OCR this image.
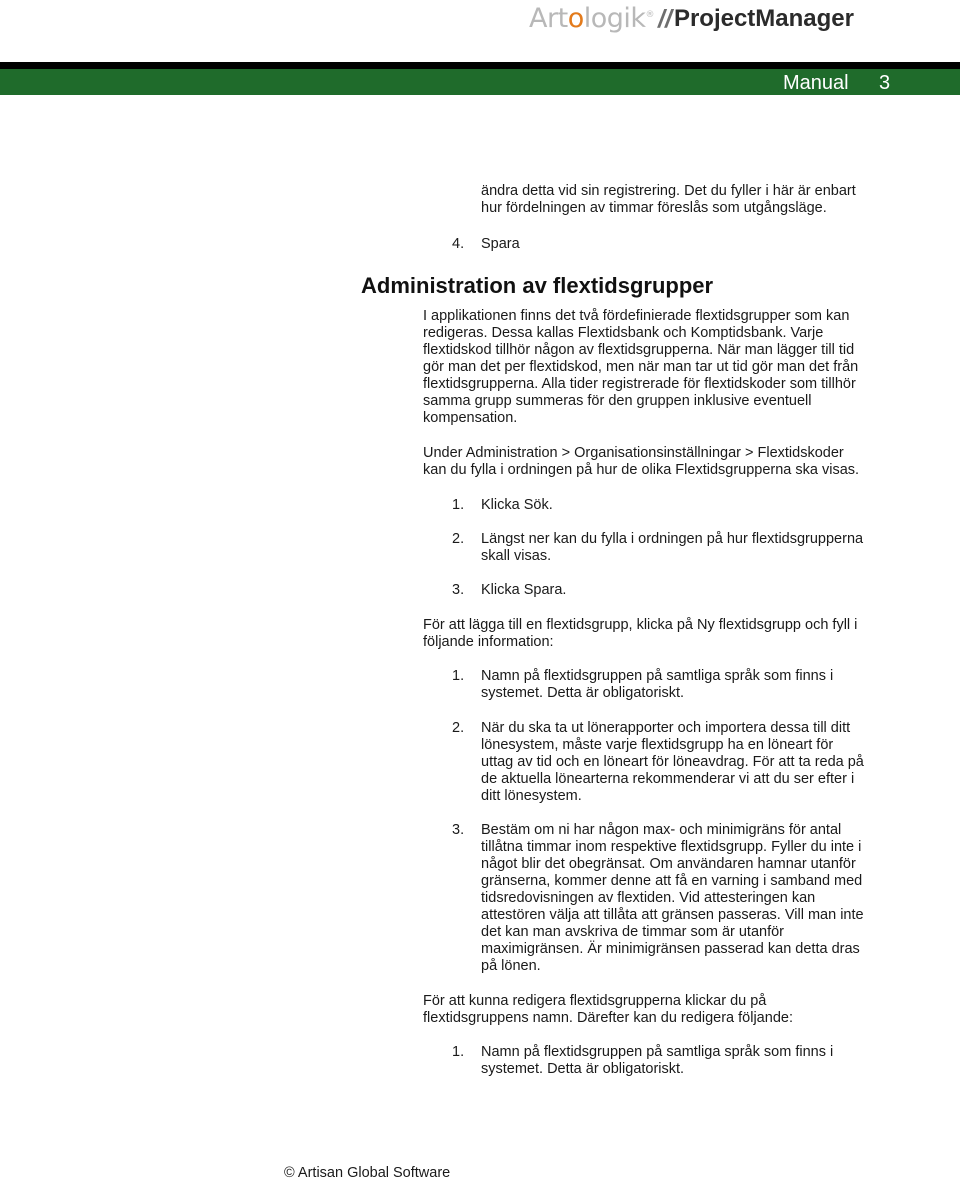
Artologik® // ProjectManager
Manual 3

ändra detta vid sin registrering. Det du fyller i här är enbart

hur fördelningen av timmar föreslås som utgångsläge.

4. Spara
Administration av flextidsgrupper

I applikationen finns det två fördefinierade flextidsgrupper som kan

redigeras. Dessa kallas Flextidsbank och Komptidsbank. Varje

flextidskod tillhör någon av flextidsgrupperna. När man lägger till tid

gör man det per flextidskod, men när man tar ut tid gör man det från

flextidsgrupperna. Alla tider registrerade för flextidskoder som tillhör

samma grupp summeras för den gruppen inklusive eventuell

kompensation.

Under Administration > Organisationsinställningar > Flextidskoder

kan du fylla i ordningen på hur de olika Flextidsgrupperna ska visas.

1. Klicka Sök.
2. Längst ner kan du fylla i ordningen på hur flextidsgrupperna
skall visas.
3. Klicka Spara.

För att lägga till en flextidsgrupp, klicka på Ny flextidsgrupp och fyll i

följande information:

1. Namn på flextidsgruppen på samtliga språk som finns i
systemet. Detta är obligatoriskt.
2. När du ska ta ut lönerapporter och importera dessa till ditt
lönesystem, måste varje flextidsgrupp ha en löneart för
uttag av tid och en löneart för löneavdrag. För att ta reda på
de aktuella lönearterna rekommenderar vi att du ser efter i
ditt lönesystem.
3. Bestäm om ni har någon max- och minimigräns för antal
tillåtna timmar inom respektive flextidsgrupp. Fyller du inte i
något blir det obegränsat. Om användaren hamnar utanför
gränserna, kommer denne att få en varning i samband med
tidsredovisningen av flextiden. Vid attesteringen kan
attestören välja att tillåta att gränsen passeras. Vill man inte
det kan man avskriva de timmar som är utanför
maximigränsen. Är minimigränsen passerad kan detta dras
på lönen.

För att kunna redigera flextidsgrupperna klickar du på

flextidsgruppens namn. Därefter kan du redigera följande:

1. Namn på flextidsgruppen på samtliga språk som finns i
systemet. Detta är obligatoriskt.
© Artisan Global Software
